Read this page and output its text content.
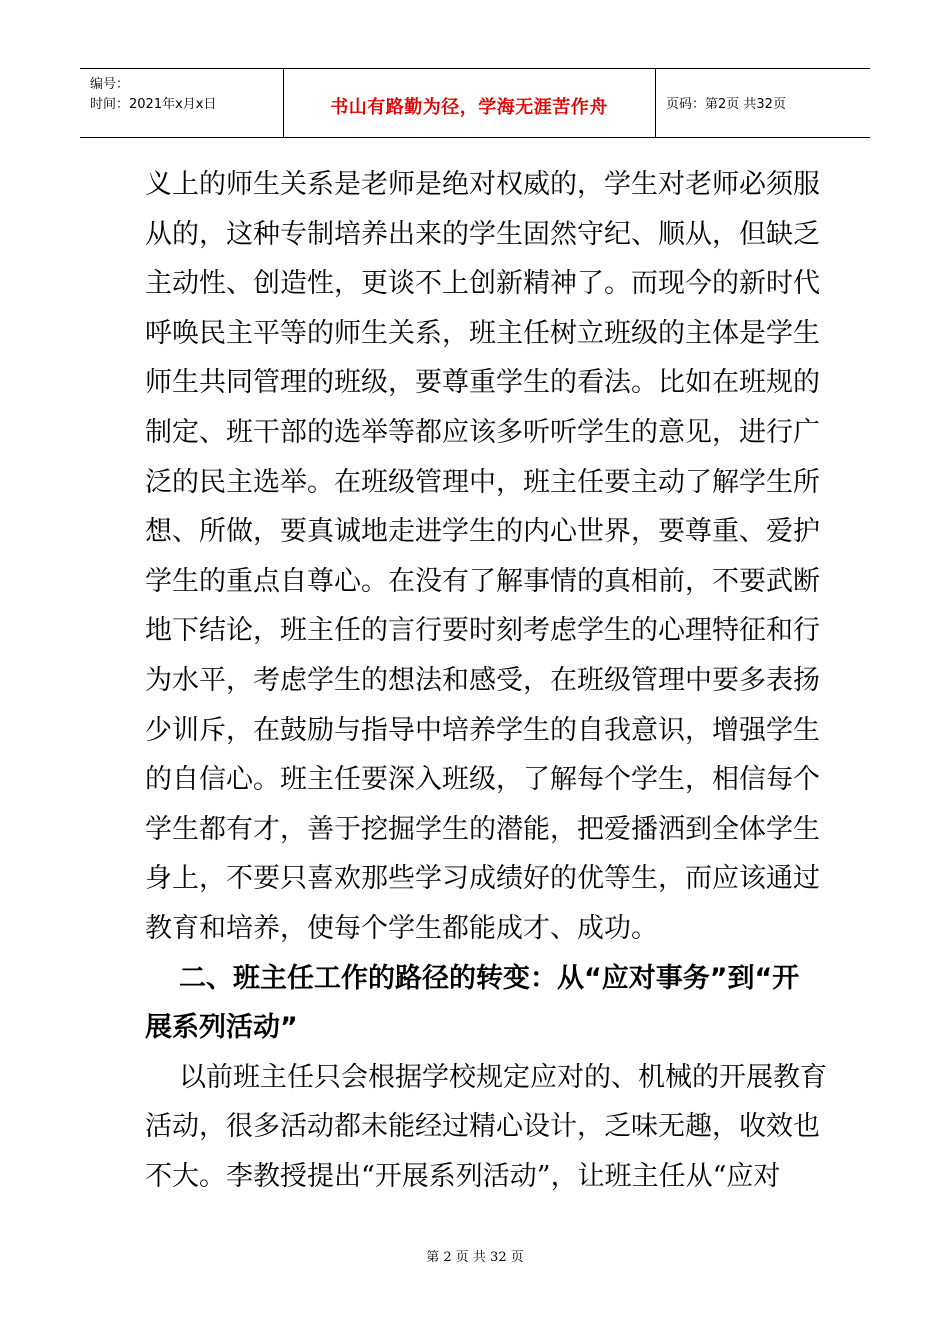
编号：
时间：2021年x月x日	书山有路勤为径，学海无涯苦作舟	页码：第2页 共32页
义上的师生关系是老师是绝对权威的，学生对老师必须服
从的，这种专制培养出来的学生固然守纪、顺从，但缺乏
主动性、创造性，更谈不上创新精神了。而现今的新时代
呼唤民主平等的师生关系，班主任树立班级的主体是学生
师生共同管理的班级，要尊重学生的看法。比如在班规的
制定、班干部的选举等都应该多听听学生的意见，进行广
泛的民主选举。在班级管理中，班主任要主动了解学生所
想、所做，要真诚地走进学生的内心世界，要尊重、爱护
学生的重点自尊心。在没有了解事情的真相前，不要武断
地下结论，班主任的言行要时刻考虑学生的心理特征和行
为水平，考虑学生的想法和感受，在班级管理中要多表扬
少训斥，在鼓励与指导中培养学生的自我意识，增强学生
的自信心。班主任要深入班级，了解每个学生，相信每个
学生都有才，善于挖掘学生的潜能，把爱播洒到全体学生
身上，不要只喜欢那些学习成绩好的优等生，而应该通过
教育和培养，使每个学生都能成才、成功。
二、班主任工作的路径的转变：从“应对事务”到“开
展系列活动”
以前班主任只会根据学校规定应对的、机械的开展教育
活动，很多活动都未能经过精心设计，乏味无趣，收效也
不大。李教授提出“开展系列活动”，让班主任从“应对
第 2 页 共 32 页
